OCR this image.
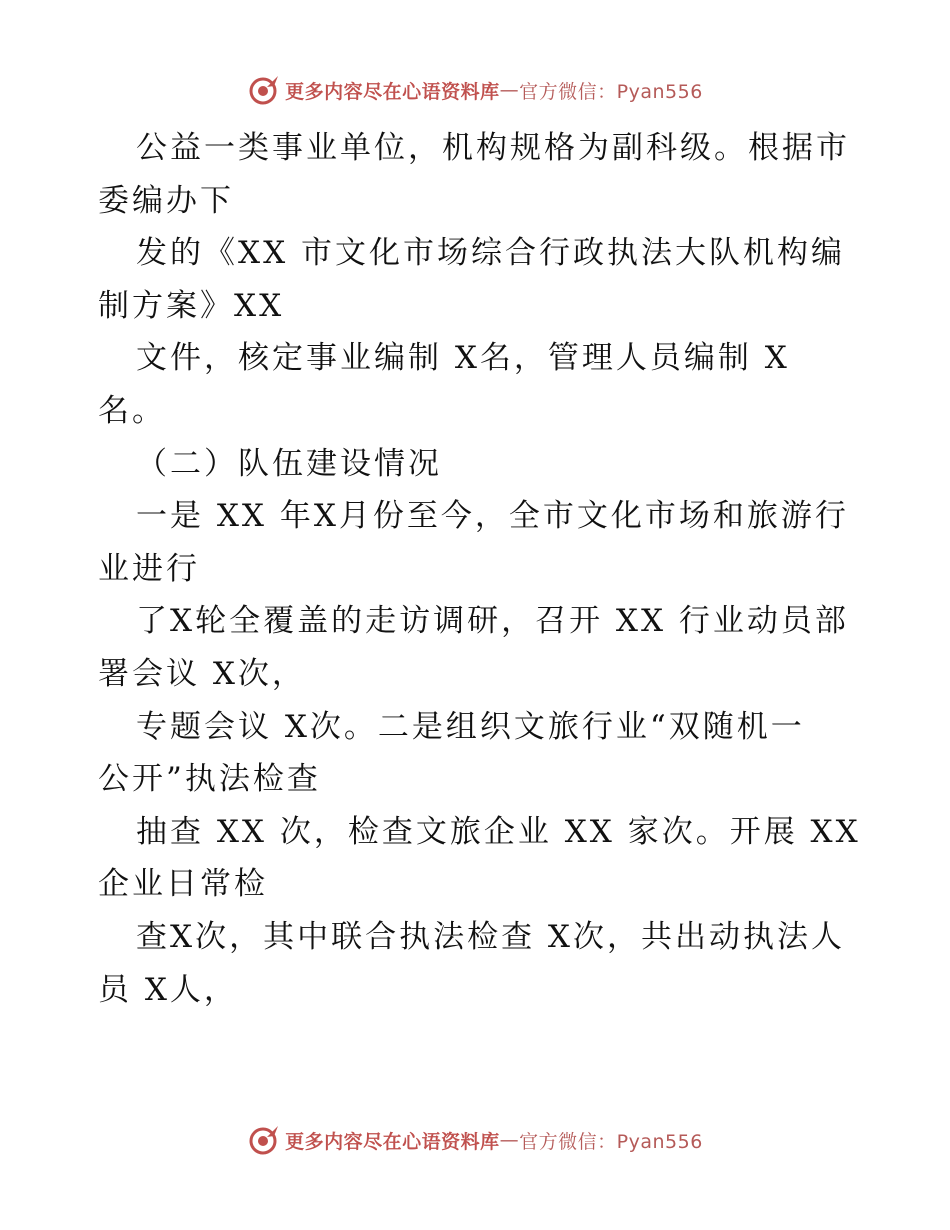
更多内容尽在心语资料库 — 官方微信：Pyan556
公益一类事业单位，机构规格为副科级。根据市
委编办下
发的《XX 市文化市场综合行政执法大队机构编
制方案》XX
文件，核定事业编制 X名，管理人员编制 X
名。
（二）队伍建设情况
一是 XX 年X月份至今，全市文化市场和旅游行
业进行
了X轮全覆盖的走访调研，召开 XX 行业动员部
署会议 X次，
专题会议 X次。二是组织文旅行业“双随机一
公开”执法检查
抽查 XX 次，检查文旅企业 XX 家次。开展 XX
企业日常检
查X次，其中联合执法检查 X次，共出动执法人
员 X人，
更多内容尽在心语资料库 — 官方微信：Pyan556
